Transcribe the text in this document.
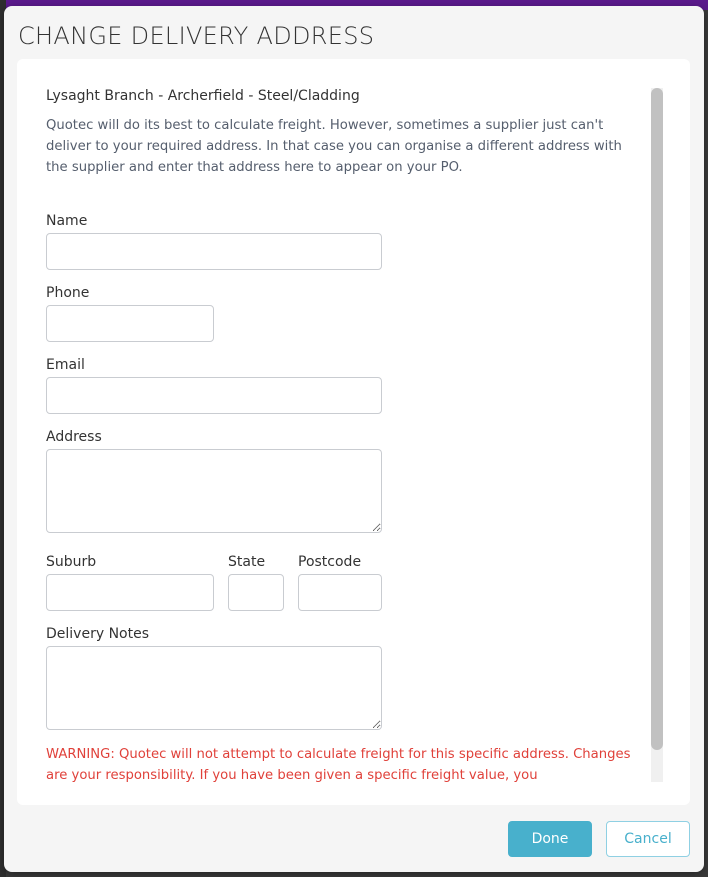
CHANGE DELIVERY ADDRESS

Lysaght Branch - Archerfield - Steel/Cladding

Quotec will do its best to calculate freight. However, sometimes a supplier just can't deliver to your required address. In that case you can organise a different address with the supplier and enter that address here to appear on your PO.

Name
Phone
Email
Address
Suburb	State Postcode
Delivery Notes

WARNING: Quotec will not attempt to calculate freight for this specific address. Changes are your responsibility. If you have been given a specific freight value, you

Done	Cancel
